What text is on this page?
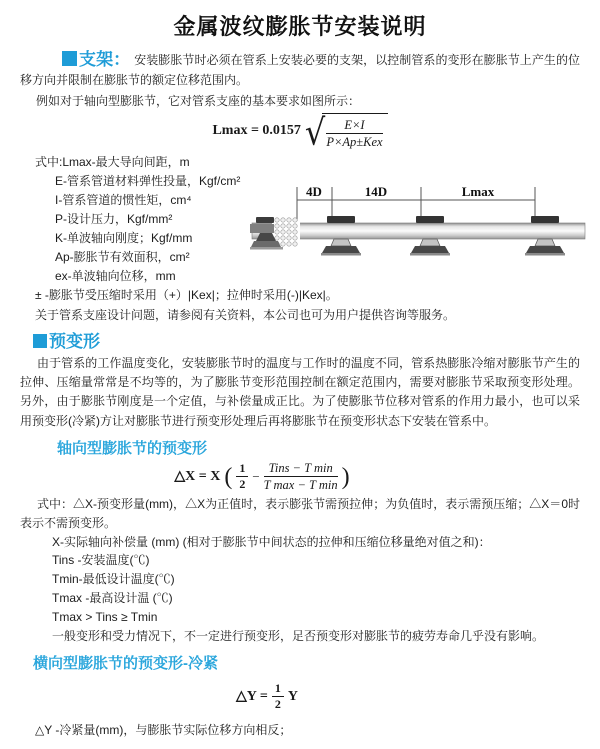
金属波纹膨胀节安装说明

支架： 安装膨胀节时必须在管系上安装必要的支架，以控制管系的变形在膨胀节上产生的位移方向并限制在膨胀节的额定位移范围内。

例如对于轴向型膨胀节，它对管系支座的基本要求如图所示：

Lmax = 0.0157 √ $\frac{E\times I}{\text{P×Ap±Kex}}$
式中:Lmax-最大导向间距，m
E-管系管道材料弹性投量，Kgf/cm²
I-管系管道的惯性矩，cm⁴
P-设计压力，Kgf/mm²
K-单波轴向刚度；Kgf/mm
Ap-膨胀节有效面积，cm²
ex-单波轴向位移，mm
± -膨胀节受压缩时采用（+）|Kex|；拉伸时采用(-)|Kex|。
关于管系支座设计问题，请参阅有关资料，本公司也可为用户提供咨询等服务。
4D	14D	Lmax
预变形

由于管系的工作温度变化，安装膨胀节时的温度与工作时的温度不同，管系热膨胀冷缩对膨胀节产生的拉伸、压缩量常常是不均等的，为了膨胀节变形范围控制在额定范围内，需要对膨胀节采取预变形处理。另外，由于膨胀节刚度是一个定值，与补偿量成正比。为了使膨胀节位移对管系的作用力最小，也可以采用预变形(冷紧)方让对膨胀节进行预变形处理后再将膨胀节在预变形状态下安装在管系中。

轴向型膨胀节的预变形
△X = X ( $\frac{1}{2} - \frac{\text{Tins − T min}}{\text{T max − T min}}$ )

式中：△X-预变形量(mm)，△X为正值时，表示膨张节需预拉伸；为负值时，表示需预压缩；△X＝0时表示不需预变形。

X-实际轴向补偿量 (mm) (相对于膨胀节中间状态的拉伸和压缩位移量绝对值之和)：
Tins -安装温度(℃)
Tmin-最低设计温度(℃)
Tmax -最高设计温 (℃)
Tmax > Tins ≥ Tmin

一般变形和受力情况下，不一定进行预变形，足否预变形对膨胀节的疲劳寿命几乎没有影响。

横向型膨胀节的预变形-冷紧
△Y = $\frac{1}{2}$ Y
△Y -冷紧量(mm)，与膨胀节实际位移方向相反；
